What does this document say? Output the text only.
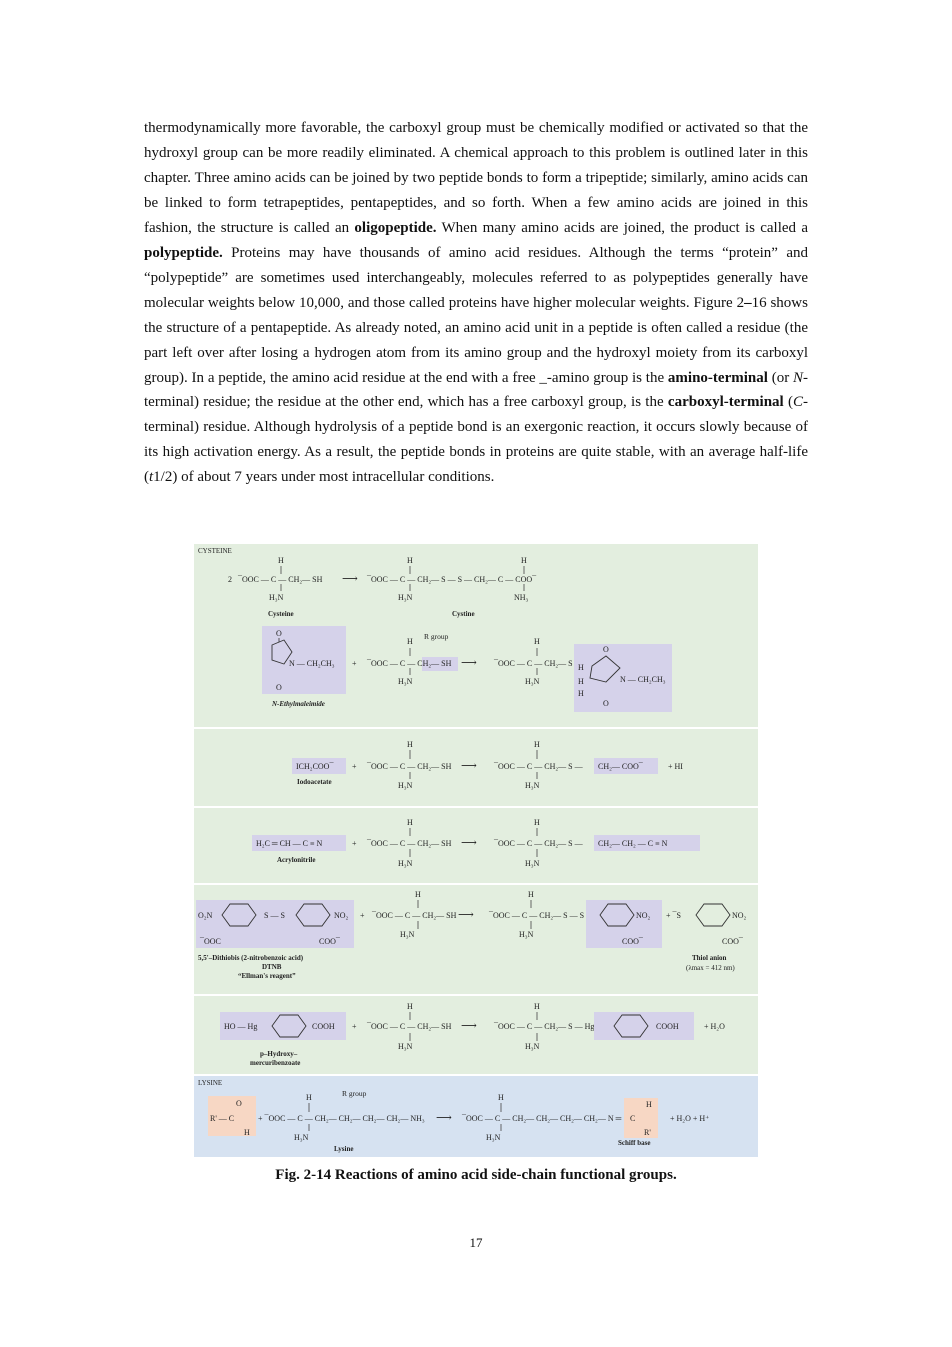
thermodynamically more favorable, the carboxyl group must be chemically modified or activated so that the hydroxyl group can be more readily eliminated. A chemical approach to this problem is outlined later in this chapter. Three amino acids can be joined by two peptide bonds to form a tripeptide; similarly, amino acids can be linked to form tetrapeptides, pentapeptides, and so forth. When a few amino acids are joined in this fashion, the structure is called an oligopeptide. When many amino acids are joined, the product is called a polypeptide. Proteins may have thousands of amino acid residues. Although the terms “protein” and “polypeptide” are sometimes used interchangeably, molecules referred to as polypeptides generally have molecular weights below 10,000, and those called proteins have higher molecular weights. Figure 2–16 shows the structure of a pentapeptide. As already noted, an amino acid unit in a peptide is often called a residue (the part left over after losing a hydrogen atom from its amino group and the hydroxyl moiety from its carboxyl group). In a peptide, the amino acid residue at the end with a free _-amino group is the amino-terminal (or N-terminal) residue; the residue at the other end, which has a free carboxyl group, is the carboxyl-terminal (C-terminal) residue. Although hydrolysis of a peptide bond is an exergonic reaction, it occurs slowly because of its high activation energy. As a result, the peptide bonds in proteins are quite stable, with an average half-life (t1/2) of about 7 years under most intracellular conditions.
CYSTEINE
H	H	H
2 ¯OOC — C — CH₂— SH ⟶ ¯OOC — C — CH₂— S — S — CH₂— C — COO¯
H₃N	H₃N	NH₃
Cysteine	Cystine
O
O
N — CH₂CH₃ +
H
R group
¯OOC — C — CH₂— SH ⟶ ¯OOC — C — CH₂— S
H
H₃N	H₃N
O
O
H
H
H
N — CH₂CH₃
N-Ethylmaleimide
ICH₂COO¯ +
H	H
¯OOC — C — CH₂— SH ⟶ ¯OOC — C — CH₂— S — CH₂— COO¯	+ HI
H₃N	H₃N
Iodoacetate
H₂C ═ CH — C ≡ N	+
H	H
¯OOC — C — CH₂— SH ⟶ ¯OOC — C — CH₂— S — CH₂— CH₂ — C ≡ N
H₃N	H₃N
Acrylonitrile
O₂N	S — S	NO₂
¯OOC	COO¯
+
H	H
¯OOC — C — CH₂— SH ⟶ ¯OOC — C — CH₂— S — S
H₃N	H₃N
NO₂
COO¯
+ ¯S	NO₂
COO¯
5,5'–Dithiobis (2-nitrobenzoic acid)
DTNB
“Ellman's reagent”
Thiol anion
(λmax = 412 nm)
HO — Hg	COOH +
H	H
¯OOC — C — CH₂— SH ⟶ ¯OOC — C — CH₂— S — Hg	COOH	+ H₂O
H₃N	H₃N
p–Hydroxy–
mercuribenzoate
LYSINE
O
R' — C
H
H	R group	H
+ ¯OOC — C — CH₂— CH₂— CH₂— CH₂— NH₃ ⟶ ¯OOC — C — CH₂— CH₂— CH₂— CH₂— N ═
H
C
R'
+ H₂O + H⁺
H₃N	H₃N
Lysine
Schiff base
Fig. 2-14 Reactions of amino acid side-chain functional groups.
17
